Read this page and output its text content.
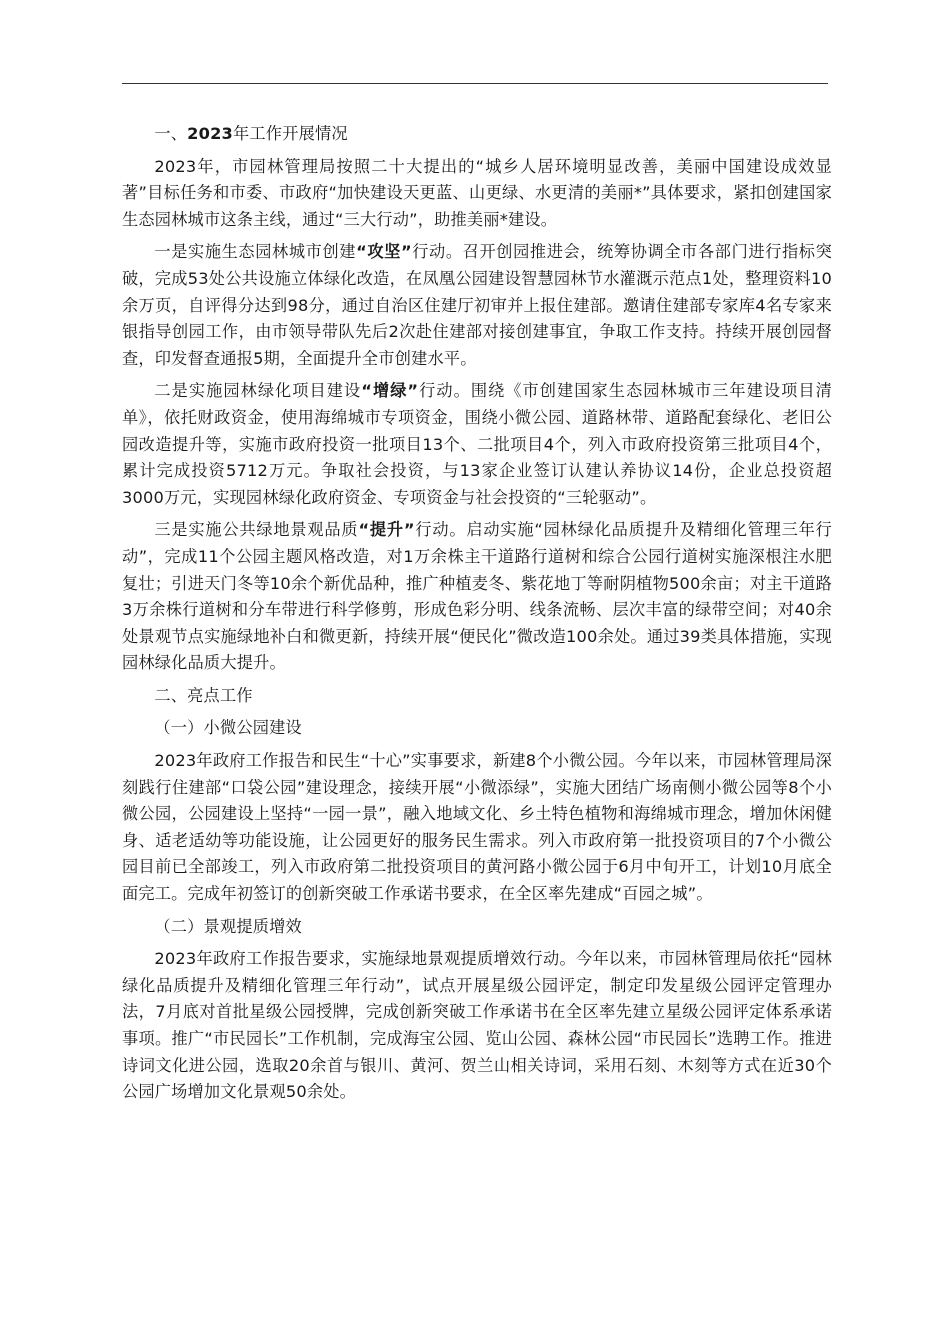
一、2023年工作开展情况

2023年，市园林管理局按照二十大提出的“城乡人居环境明显改善，美丽中国建设成效显著”目标任务和市委、市政府“加快建设天更蓝、山更绿、水更清的美丽*”具体要求，紧扣创建国家生态园林城市这条主线，通过“三大行动”，助推美丽*建设。

一是实施生态园林城市创建“攻坚”行动。召开创园推进会，统筹协调全市各部门进行指标突破，完成53处公共设施立体绿化改造，在凤凰公园建设智慧园林节水灌溉示范点1处，整理资料10余万页，自评得分达到98分，通过自治区住建厅初审并上报住建部。邀请住建部专家库4名专家来银指导创园工作，由市领导带队先后2次赴住建部对接创建事宜，争取工作支持。持续开展创园督查，印发督查通报5期，全面提升全市创建水平。

二是实施园林绿化项目建设“增绿”行动。围绕《市创建国家生态园林城市三年建设项目清单》，依托财政资金，使用海绵城市专项资金，围绕小微公园、道路林带、道路配套绿化、老旧公园改造提升等，实施市政府投资一批项目13个、二批项目4个，列入市政府投资第三批项目4个，累计完成投资5712万元。争取社会投资，与13家企业签订认建认养协议14份，企业总投资超3000万元，实现园林绿化政府资金、专项资金与社会投资的“三轮驱动”。

三是实施公共绿地景观品质“提升”行动。启动实施“园林绿化品质提升及精细化管理三年行动”，完成11个公园主题风格改造，对1万余株主干道路行道树和综合公园行道树实施深根注水肥复壮；引进天门冬等10余个新优品种，推广种植麦冬、紫花地丁等耐阴植物500余亩；对主干道路3万余株行道树和分车带进行科学修剪，形成色彩分明、线条流畅、层次丰富的绿带空间；对40余处景观节点实施绿地补白和微更新，持续开展“便民化”微改造100余处。通过39类具体措施，实现园林绿化品质大提升。

二、亮点工作

（一）小微公园建设

2023年政府工作报告和民生“十心”实事要求，新建8个小微公园。今年以来，市园林管理局深刻践行住建部“口袋公园”建设理念，接续开展“小微添绿”，实施大团结广场南侧小微公园等8个小微公园，公园建设上坚持“一园一景”，融入地域文化、乡土特色植物和海绵城市理念，增加休闲健身、适老适幼等功能设施，让公园更好的服务民生需求。列入市政府第一批投资项目的7个小微公园目前已全部竣工，列入市政府第二批投资项目的黄河路小微公园于6月中旬开工，计划10月底全面完工。完成年初签订的创新突破工作承诺书要求，在全区率先建成“百园之城”。

（二）景观提质增效

2023年政府工作报告要求，实施绿地景观提质增效行动。今年以来，市园林管理局依托“园林绿化品质提升及精细化管理三年行动”，试点开展星级公园评定，制定印发星级公园评定管理办法，7月底对首批星级公园授牌，完成创新突破工作承诺书在全区率先建立星级公园评定体系承诺事项。推广“市民园长”工作机制，完成海宝公园、览山公园、森林公园“市民园长”选聘工作。推进诗词文化进公园，选取20余首与银川、黄河、贺兰山相关诗词，采用石刻、木刻等方式在近30个公园广场增加文化景观50余处。
